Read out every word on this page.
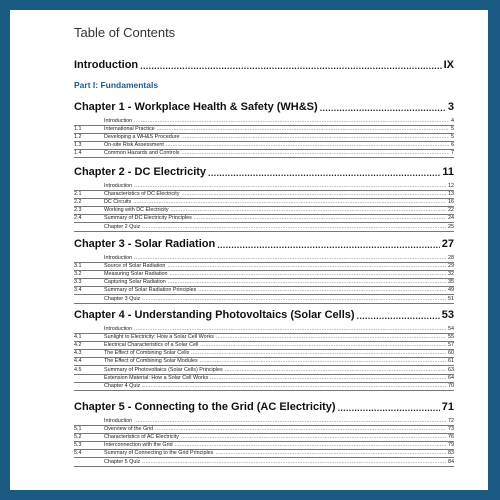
Table of Contents
Introduction .....	IX
Part I: Fundamentals
Chapter 1 - Workplace Health & Safety (WH&S) .....	3
Introduction .....	4
1.1	International Practice .....	5
1.2	Developing a WH&S Procedure .....	5
1.3	On-site Risk Assessment .....	6
1.4	Common Hazards and Controls .....	7
Chapter 2 - DC Electricity .....	11
Introduction .....	12
2.1	Characteristics of DC Electricity .....	13
2.2	DC Circuits .....	16
2.3	Working with DC Electricity .....	22
2.4	Summary of DC Electricity Principles .....	24
Chapter 2 Quiz .....	25
Chapter 3 - Solar Radiation .....	27
Introduction .....	28
3.1	Source of Solar Radiation .....	29
3.2	Measuring Solar Radiation .....	32
3.3	Capturing Solar Radiation .....	35
3.4	Summary of Solar Radiation Principles .....	49
Chapter 3 Quiz .....	51
Chapter 4 - Understanding Photovoltaics (Solar Cells) .....	53
Introduction .....	54
4.1	Sunlight to Electricity: How a Solar Cell Works .....	55
4.2	Electrical Characteristics of a Solar Cell .....	57
4.3	The Effect of Combining Solar Cells .....	60
4.4	The Effect of Combining Solar Modules .....	61
4.5	Summary of Photovoltaics (Solar Cells) Principles .....	63
Extension Material: How a Solar Cell Works .....	64
Chapter 4 Quiz .....	70
Chapter 5 - Connecting to the Grid (AC Electricity) .....	71
Introduction .....	72
5.1	Overview of the Grid .....	73
5.2	Characteristics of AC Electricity .....	76
5.3	Interconnection with the Grid .....	79
5.4	Summary of Connecting to the Grid Principles .....	83
Chapter 5 Quiz .....	84
